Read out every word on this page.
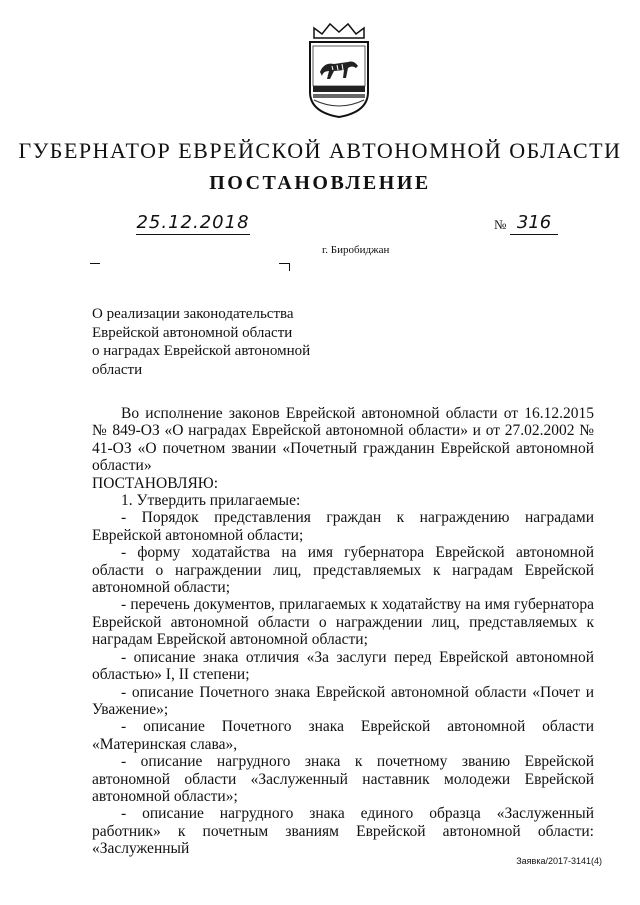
ГУБЕРНАТОР ЕВРЕЙСКОЙ АВТОНОМНОЙ ОБЛАСТИ
ПОСТАНОВЛЕНИЕ
25.12.2018	№ 316
г. Биробиджан
О реализации законодательства
Еврейской автономной области
о наградах Еврейской автономной
области

Во исполнение законов Еврейской автономной области от 16.12.2015 № 849-ОЗ «О наградах Еврейской автономной области» и от 27.02.2002 № 41-ОЗ «О почетном звании «Почетный гражданин Еврейской автономной области»

ПОСТАНОВЛЯЮ:

1. Утвердить прилагаемые:

- Порядок представления граждан к награждению наградами Еврейской автономной области;

- форму ходатайства на имя губернатора Еврейской автономной области о награждении лиц, представляемых к наградам Еврейской автономной области;

- перечень документов, прилагаемых к ходатайству на имя губернатора Еврейской автономной области о награждении лиц, представляемых к наградам Еврейской автономной области;

- описание знака отличия «За заслуги перед Еврейской автономной областью» I, II степени;

- описание Почетного знака Еврейской автономной области «Почет и Уважение»;

- описание Почетного знака Еврейской автономной области «Материнская слава»,

- описание нагрудного знака к почетному званию Еврейской автономной области «Заслуженный наставник молодежи Еврейской автономной области»;

- описание нагрудного знака единого образца «Заслуженный работник» к почетным званиям Еврейской автономной области: «Заслуженный

Заявка/2017-3141(4)
